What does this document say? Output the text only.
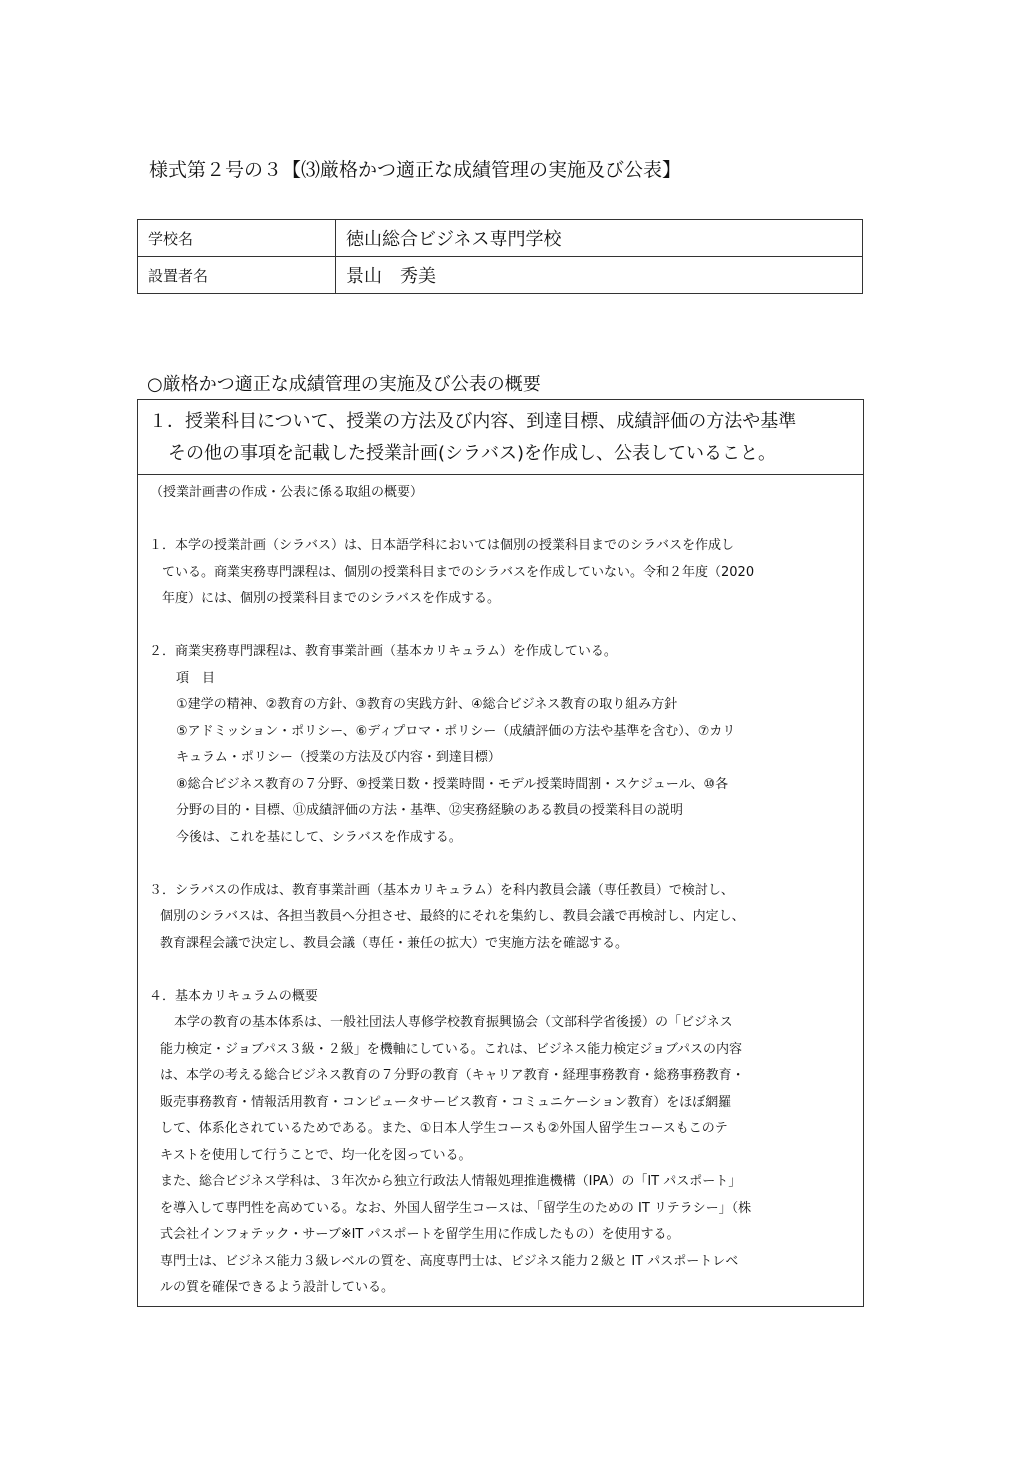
様式第２号の３【⑶厳格かつ適正な成績管理の実施及び公表】
学校名	徳山総合ビジネス専門学校
設置者名	景山　秀美
○厳格かつ適正な成績管理の実施及び公表の概要
１．授業科目について、授業の方法及び内容、到達目標、成績評価の方法や基準
その他の事項を記載した授業計画(シラバス)を作成し、公表していること。
（授業計画書の作成・公表に係る取組の概要）
１．本学の授業計画（シラバス）は、日本語学科においては個別の授業科目までのシラバスを作成し
ている。商業実務専門課程は、個別の授業科目までのシラバスを作成していない。令和２年度（2020
年度）には、個別の授業科目までのシラバスを作成する。
２．商業実務専門課程は、教育事業計画（基本カリキュラム）を作成している。
項　目
①建学の精神、②教育の方針、③教育の実践方針、④総合ビジネス教育の取り組み方針
⑤アドミッション・ポリシー、⑥ディプロマ・ポリシー（成績評価の方法や基準を含む）、⑦カリ
キュラム・ポリシー（授業の方法及び内容・到達目標）
⑧総合ビジネス教育の７分野、⑨授業日数・授業時間・モデル授業時間割・スケジュール、⑩各
分野の目的・目標、⑪成績評価の方法・基準、⑫実務経験のある教員の授業科目の説明
今後は、これを基にして、シラバスを作成する。
３．シラバスの作成は、教育事業計画（基本カリキュラム）を科内教員会議（専任教員）で検討し、
個別のシラバスは、各担当教員へ分担させ、最終的にそれを集約し、教員会議で再検討し、内定し、
教育課程会議で決定し、教員会議（専任・兼任の拡大）で実施方法を確認する。
４．基本カリキュラムの概要
本学の教育の基本体系は、一般社団法人専修学校教育振興協会（文部科学省後援）の「ビジネス
能力検定・ジョブパス３級・２級」を機軸にしている。これは、ビジネス能力検定ジョブパスの内容
は、本学の考える総合ビジネス教育の７分野の教育（キャリア教育・経理事務教育・総務事務教育・
販売事務教育・情報活用教育・コンピュータサービス教育・コミュニケーション教育）をほぼ網羅
して、体系化されているためである。また、①日本人学生コースも②外国人留学生コースもこのテ
キストを使用して行うことで、均一化を図っている。
また、総合ビジネス学科は、３年次から独立行政法人情報処理推進機構（IPA）の「IT パスポート」
を導入して専門性を高めている。なお、外国人留学生コースは、「留学生のための IT リテラシー」（株
式会社インフォテック・サーブ※IT パスポートを留学生用に作成したもの）を使用する。
専門士は、ビジネス能力３級レベルの質を、高度専門士は、ビジネス能力２級と IT パスポートレベ
ルの質を確保できるよう設計している。
